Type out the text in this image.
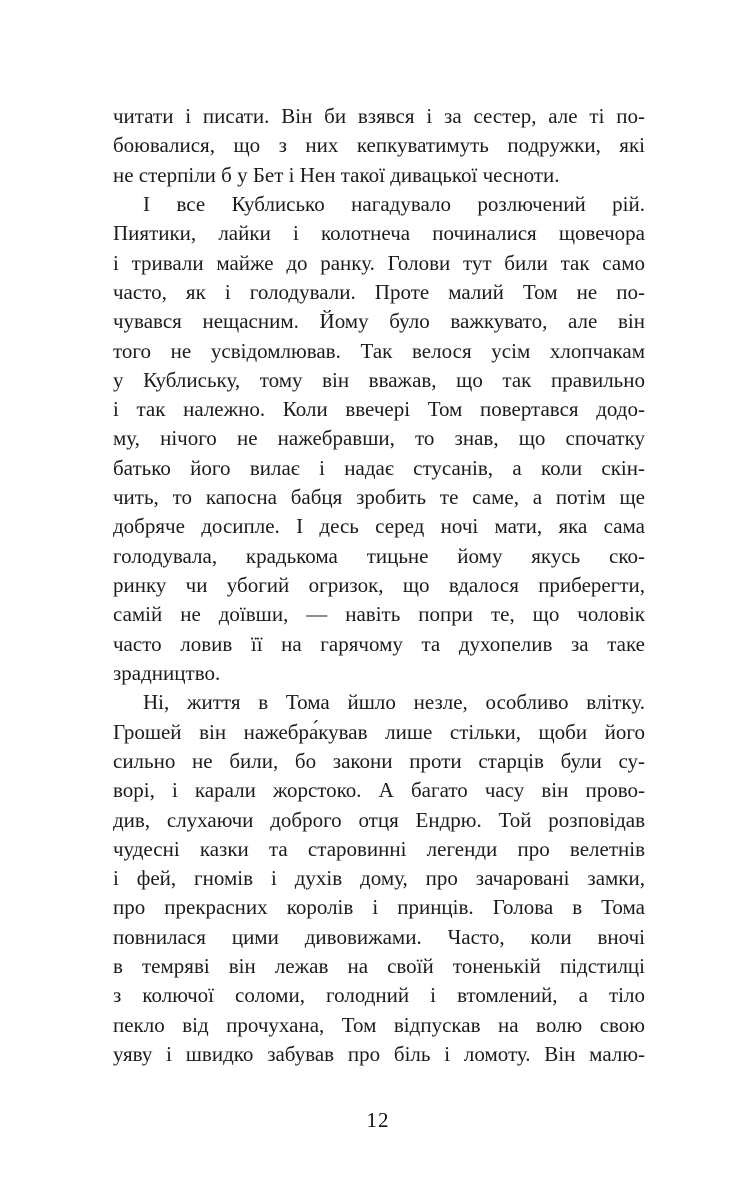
читати і писати. Він би взявся і за сестер, але ті по-
боювалися, що з них кепкуватимуть подружки, які
не стерпіли б у Бет і Нен такої дивацької чесноти.
І все Кублисько нагадувало розлючений рій.
Пиятики, лайки і колотнеча починалися щовечора
і тривали майже до ранку. Голови тут били так само
часто, як і голодували. Проте малий Том не по-
чувався нещасним. Йому було важкувато, але він
того не усвідомлював. Так велося усім хлопчакам
у Кублиську, тому він вважав, що так правильно
і так належно. Коли ввечері Том повертався додо-
му, нічого не нажебравши, то знав, що спочатку
батько його вилає і надає стусанів, а коли скін-
чить, то капосна бабця зробить те саме, а потім ще
добряче досипле. І десь серед ночі мати, яка сама
голодувала, крадькома тицьне йому якусь ско-
ринку чи убогий огризок, що вдалося приберегти,
самій не доївши, — навіть попри те, що чоловік
часто ловив її на гарячому та духопелив за таке
зрадництво.
Ні, життя в Тома йшло незле, особливо влітку.
Грошей він нажебра́кував лише стільки, щоби його
сильно не били, бо закони проти старців були су-
ворі, і карали жорстоко. А багато часу він прово-
див, слухаючи доброго отця Ендрю. Той розповідав
чудесні казки та старовинні легенди про велетнів
і фей, гномів і духів дому, про зачаровані замки,
про прекрасних королів і принців. Голова в Тома
повнилася цими дивовижами. Часто, коли вночі
в темряві він лежав на своїй тоненькій підстилці
з колючої соломи, голодний і втомлений, а тіло
пекло від прочухана, Том відпускав на волю свою
уяву і швидко забував про біль і ломоту. Він малю-
12
